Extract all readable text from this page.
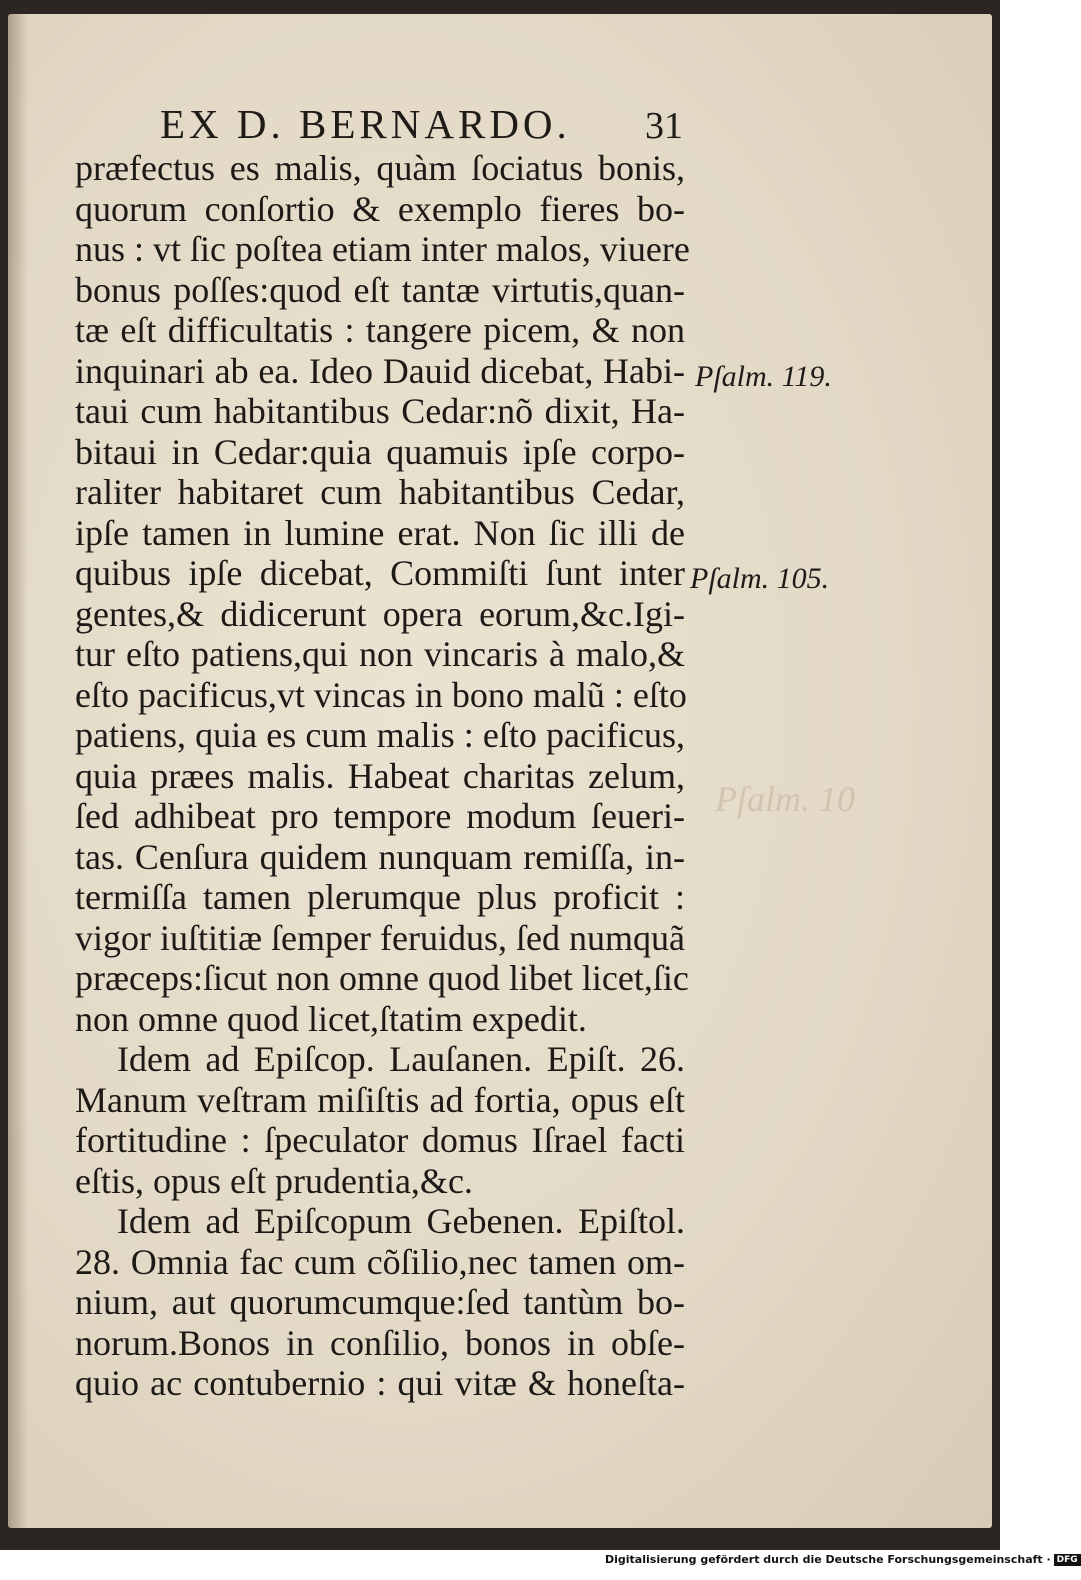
EX D. BERNARDO. 31
præfectus es malis, quàm ſociatus bonis,
quorum conſortio & exemplo fieres bo-
nus : vt ſic poſtea etiam inter malos, viuere
bonus poſſes:quod eſt tantæ virtutis,quan-
tæ eſt difficultatis : tangere picem, & non
inquinari ab ea. Ideo Dauid dicebat, Habi-
taui cum habitantibus Cedar:nõ dixit, Ha-
bitaui in Cedar:quia quamuis ipſe corpo-
raliter habitaret cum habitantibus Cedar,
ipſe tamen in lumine erat. Non ſic illi de
quibus ipſe dicebat, Commiſti ſunt inter
gentes,& didicerunt opera eorum,&c.Igi-
tur eſto patiens,qui non vincaris à malo,&
eſto pacificus,vt vincas in bono malũ : eſto
patiens, quia es cum malis : eſto pacificus,
quia præes malis. Habeat charitas zelum,
ſed adhibeat pro tempore modum ſeueri-
tas. Cenſura quidem nunquam remiſſa, in-
termiſſa tamen plerumque plus proficit :
vigor iuſtitiæ ſemper feruidus, ſed numquã
præceps:ſicut non omne quod libet licet,ſic
non omne quod licet,ſtatim expedit.
Idem ad Epiſcop. Lauſanen. Epiſt. 26.
Manum veſtram miſiſtis ad fortia, opus eſt
fortitudine : ſpeculator domus Iſrael facti
eſtis, opus eſt prudentia,&c.
Idem ad Epiſcopum Gebenen. Epiſtol.
28. Omnia fac cum cõſilio,nec tamen om-
nium, aut quorumcumque:ſed tantùm bo-
norum.Bonos in conſilio, bonos in obſe-
quio ac contubernio : qui vitæ & honeſta-
Pſalm. 119.
Pſalm. 105.
Pſalm. 10
Digitalisierung gefördert durch die Deutsche Forschungsgemeinschaft · DFG
